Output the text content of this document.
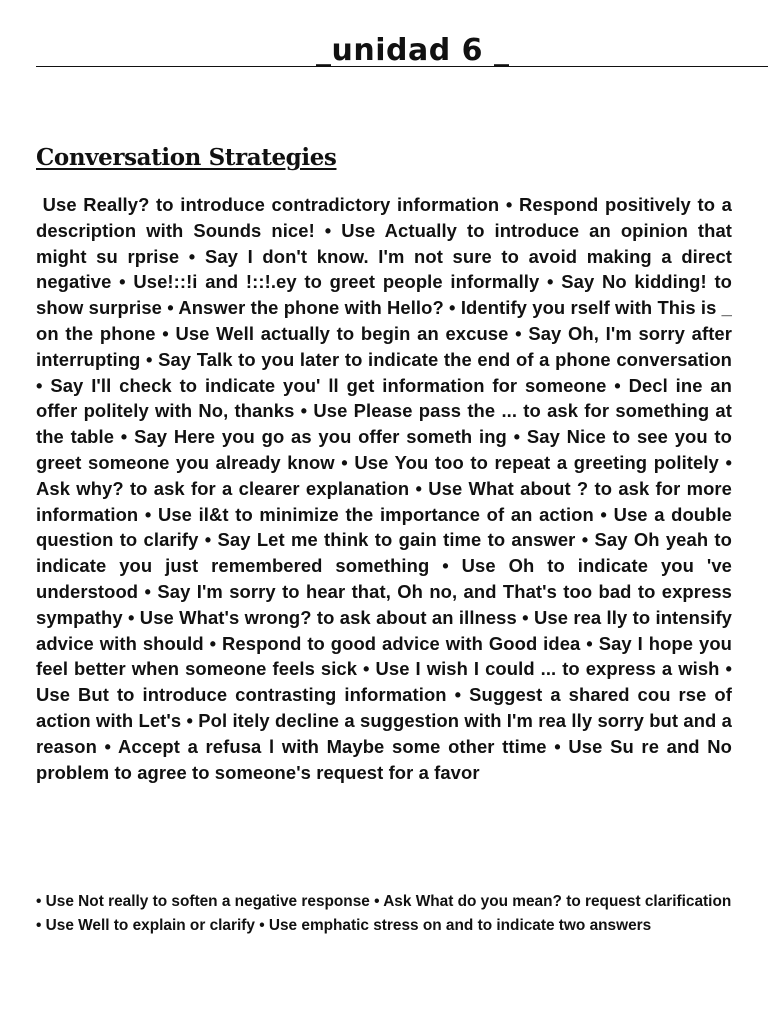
_unidad 6 _
Conversation Strategies

Use Really? to introduce contradictory information • Respond positively to a description with Sounds nice! • Use Actually to introduce an opinion that might su rprise • Say I don't know. I'm not sure to avoid making a direct negative • Use!::!i and !::!.ey to greet people informally • Say No kidding! to show surprise • Answer the phone with Hello? • Identify you rself with This is _ on the phone • Use Well actually to begin an excuse • Say Oh, I'm sorry after interrupting • Say Talk to you later to indicate the end of a phone conversation • Say I'll check to indicate you' ll get information for someone • Decl ine an offer politely with No, thanks • Use Please pass the ... to ask for something at the table • Say Here you go as you offer someth ing • Say Nice to see you to greet someone you already know • Use You too to repeat a greeting politely • Ask why? to ask for a clearer explanation • Use What about ? to ask for more information • Use il&t to minimize the importance of an action • Use a double question to clarify • Say Let me think to gain time to answer • Say Oh yeah to indicate you just remembered something • Use Oh to indicate you 've understood • Say I'm sorry to hear that, Oh no, and That's too bad to express sympathy • Use What's wrong? to ask about an illness • Use rea lly to intensify advice with should • Respond to good advice with Good idea • Say I hope you feel better when someone feels sick • Use I wish I could ... to express a wish • Use But to introduce contrasting information • Suggest a shared cou rse of action with Let's • Pol itely decline a suggestion with I'm rea lly sorry but and a reason • Accept a refusa l with Maybe some other ttime • Use Su re and No problem to agree to someone's request for a favor

• Use Not really to soften a negative response • Ask What do you mean? to request clarification • Use Well to explain or clarify • Use emphatic stress on and to indicate two answers
